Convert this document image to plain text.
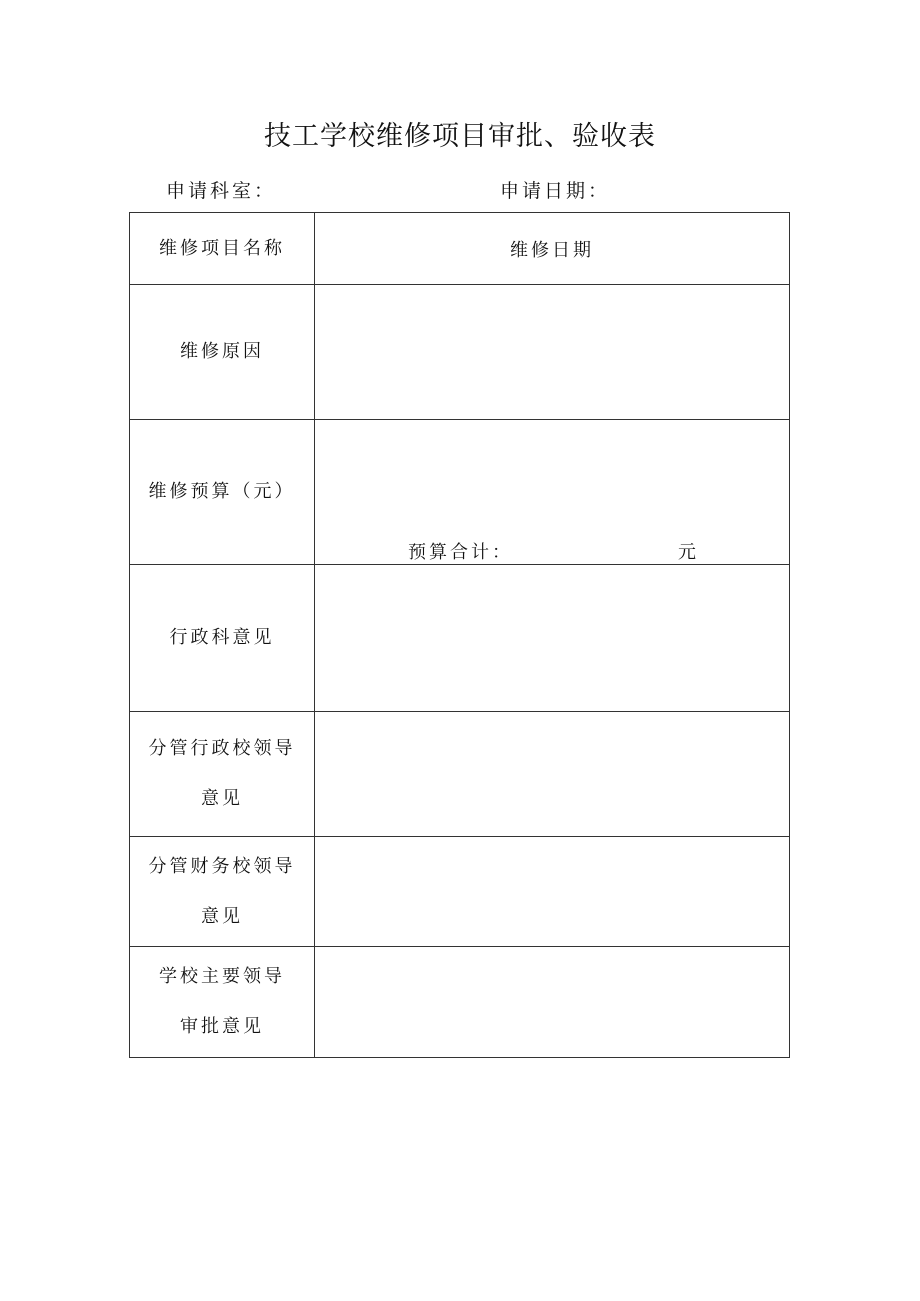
技工学校维修项目审批、验收表
申请科室：	申请日期：
维修项目名称	维修日期
维修原因	
维修预算（元）	预算合计： 元

行政科意见	

分管行政校领导
意见	

分管财务校领导
意见	

学校主要领导
审批意见	
